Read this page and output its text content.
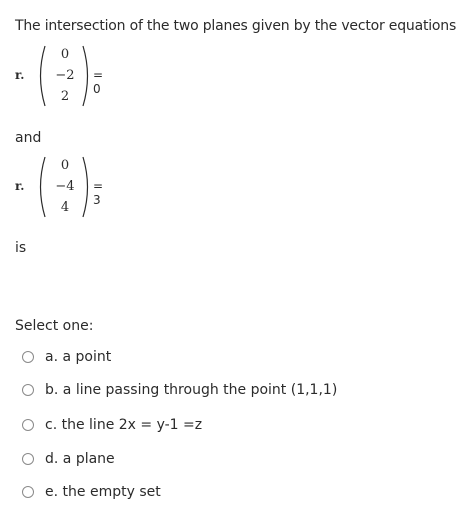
The intersection of the two planes given by the vector equations
r.
0
−2
2
= 0
and
r.
0
−4
4
= 3
is
Select one:
a. a point
b. a line passing through the point (1,1,1)
c. the line 2x = y-1 =z
d. a plane
e. the empty set
